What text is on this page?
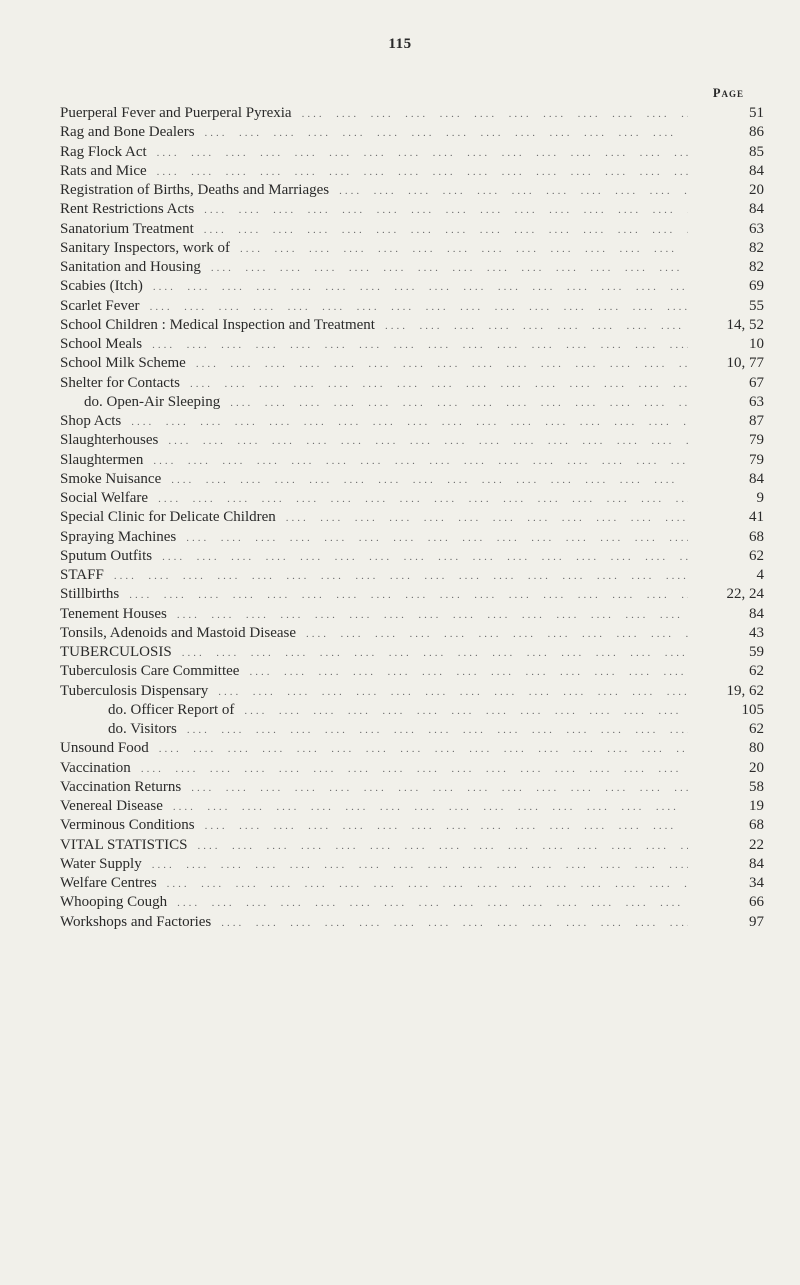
115
Page
Puerperal Fever and Puerperal Pyrexia ....	51
Rag and Bone Dealers ....	86
Rag Flock Act ....	85
Rats and Mice ....	84
Registration of Births, Deaths and Marriages ....	20
Rent Restrictions Acts ....	84
Sanatorium Treatment ....	63
Sanitary Inspectors, work of ....	82
Sanitation and Housing ....	82
Scabies (Itch) ....	69
Scarlet Fever ....	55
School Children : Medical Inspection and Treatment ....	14, 52
School Meals ....	10
School Milk Scheme ....	10, 77
Shelter for Contacts ....	67
do. Open-Air Sleeping ....	63
Shop Acts ....	87
Slaughterhouses ....	79
Slaughtermen ....	79
Smoke Nuisance ....	84
Social Welfare ....	9
Special Clinic for Delicate Children ....	41
Spraying Machines ....	68
Sputum Outfits ....	62
STAFF ....	4
Stillbirths ....	22, 24
Tenement Houses ....	84
Tonsils, Adenoids and Mastoid Disease ....	43
TUBERCULOSIS ....	59
Tuberculosis Care Committee ....	62
Tuberculosis Dispensary ....	19, 62
do. Officer Report of ....	105
do. Visitors ....	62
Unsound Food ....	80
Vaccination ....	20
Vaccination Returns ....	58
Venereal Disease ....	19
Verminous Conditions ....	68
VITAL STATISTICS ....	22
Water Supply ....	84
Welfare Centres ....	34
Whooping Cough ....	66
Workshops and Factories ....	97
